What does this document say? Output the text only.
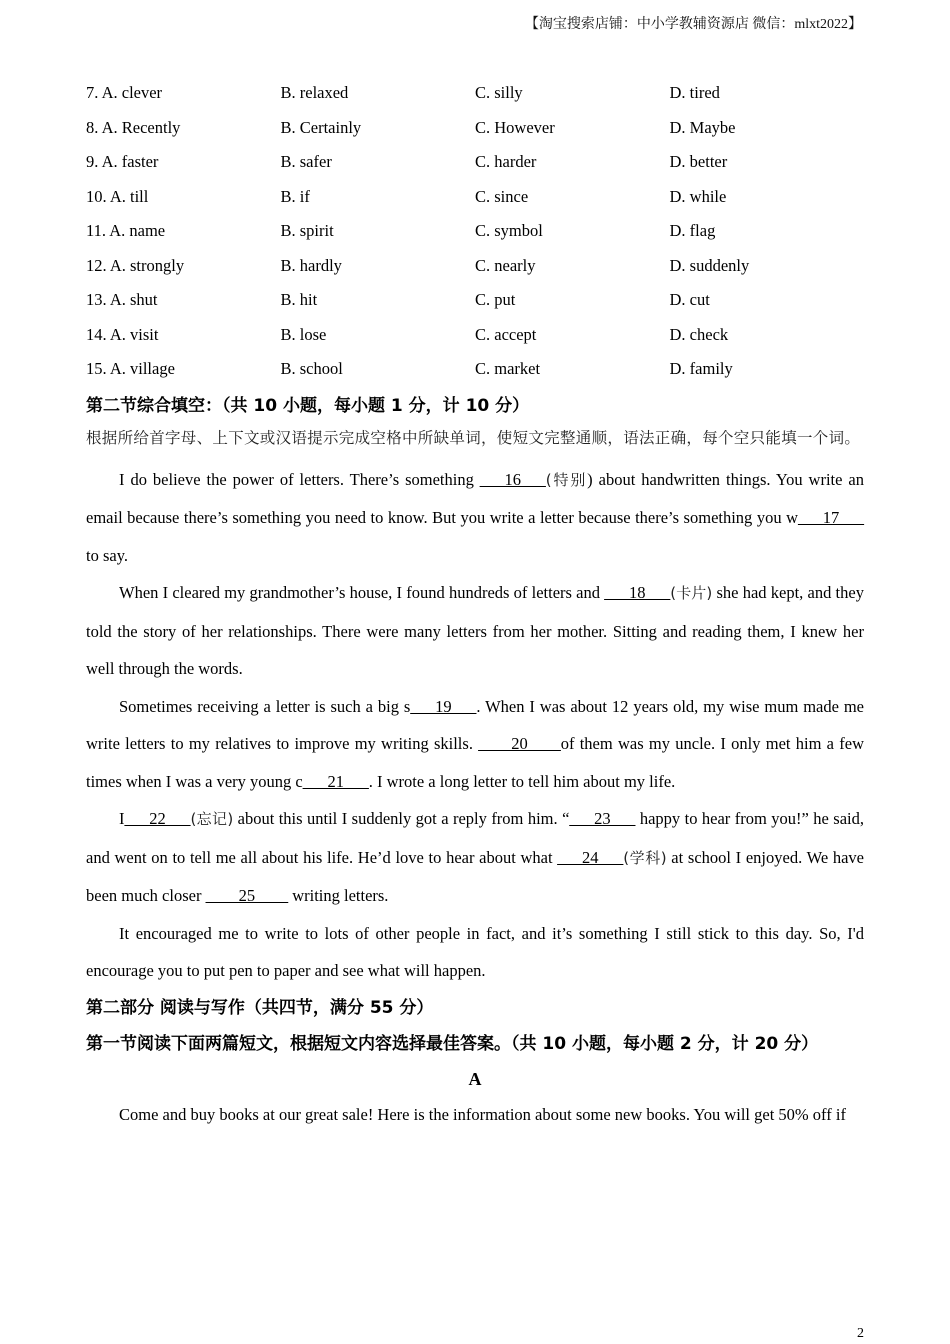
【淘宝搜索店铺：中小学教辅资源店 微信：mlxt2022】
7. A. clever	B. relaxed	C. silly	D. tired
8. A. Recently	B. Certainly	C. However	D. Maybe
9. A. faster	B. safer	C. harder	D. better
10. A. till	B. if	C. since	D. while
11. A. name	B. spirit	C. symbol	D. flag
12. A. strongly	B. hardly	C. nearly	D. suddenly
13. A. shut	B. hit	C. put	D. cut
14. A. visit	B. lose	C. accept	D. check
15. A. village	B. school	C. market	D. family
第二节综合填空：（共 10 小题，每小题 1 分，计 10 分）
根据所给首字母、上下文或汉语提示完成空格中所缺单词，使短文完整通顺，语法正确，每个空只能填一个词。

I do believe the power of letters. There’s something ___16___(特别) about handwritten things. You write an email because there’s something you need to know. But you write a letter because there’s something you w___17___ to say.

When I cleared my grandmother’s house, I found hundreds of letters and ___18___(卡片) she had kept, and they told the story of her relationships. There were many letters from her mother. Sitting and reading them, I knew her well through the words.

Sometimes receiving a letter is such a big s___19___. When I was about 12 years old, my wise mum made me write letters to my relatives to improve my writing skills. ____20____of them was my uncle. I only met him a few times when I was a very young c___21___. I wrote a long letter to tell him about my life.

I___22___(忘记) about this until I suddenly got a reply from him. “___23___ happy to hear from you!” he said, and went on to tell me all about his life. He’d love to hear about what ___24___(学科) at school I enjoyed. We have been much closer ____25____ writing letters.

It encouraged me to write to lots of other people in fact, and it’s something I still stick to this day. So, I'd encourage you to put pen to paper and see what will happen.

第二部分 阅读与写作（共四节，满分 55 分）
第一节阅读下面两篇短文，根据短文内容选择最佳答案。（共 10 小题，每小题 2 分，计 20 分）
A

Come and buy books at our great sale! Here is the information about some new books. You will get 50% off if

2
